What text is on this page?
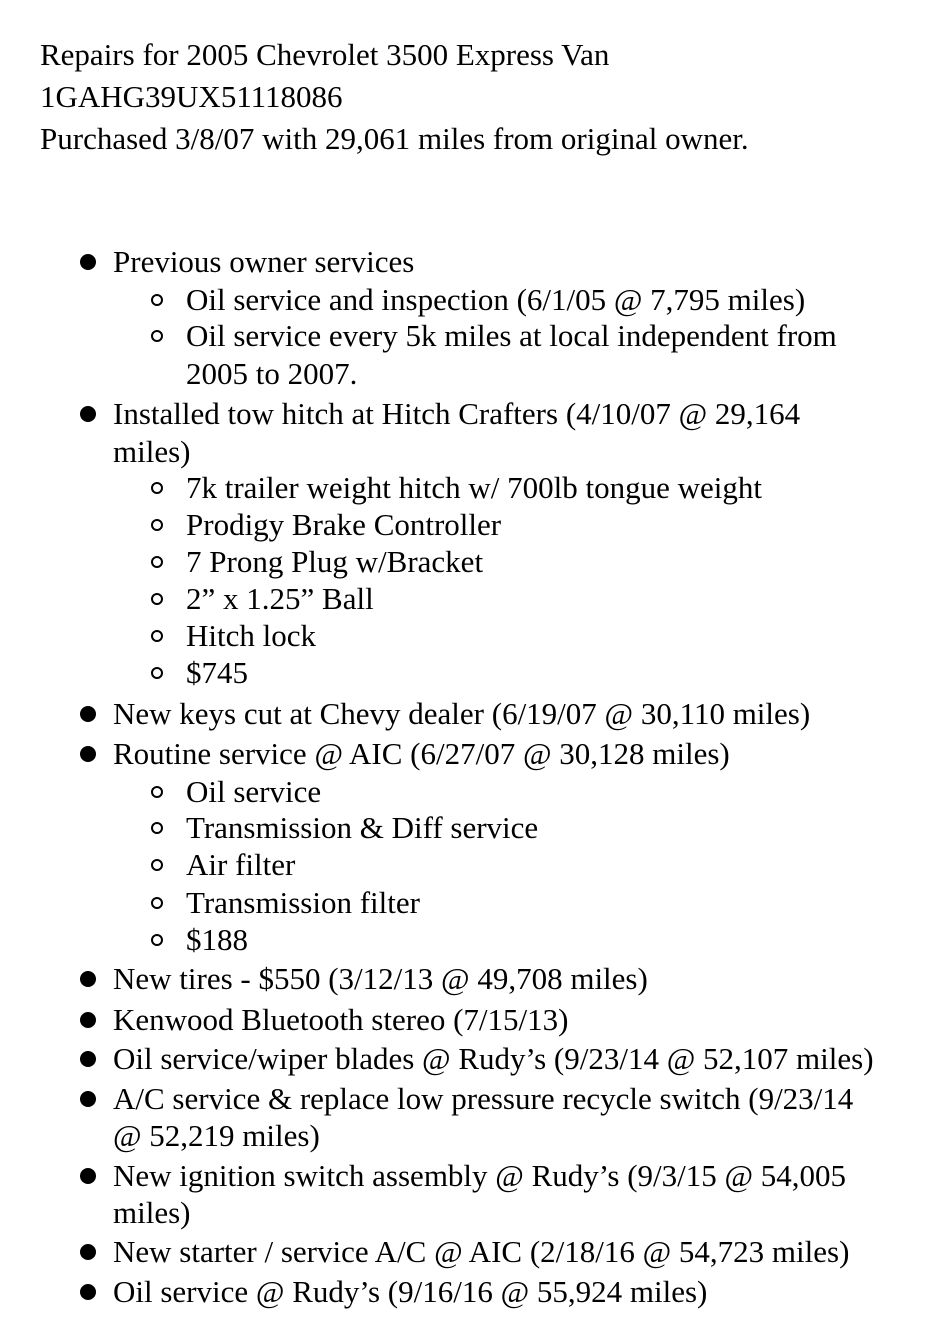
Repairs for 2005 Chevrolet 3500 Express Van
1GAHG39UX51118086
Purchased 3/8/07 with 29,061 miles from original owner.
Previous owner services
Oil service and inspection (6/1/05 @ 7,795 miles)
Oil service every 5k miles at local independent from
2005 to 2007.
Installed tow hitch at Hitch Crafters (4/10/07 @ 29,164
miles)
7k trailer weight hitch w/ 700lb tongue weight
Prodigy Brake Controller
7 Prong Plug w/Bracket
2” x 1.25” Ball
Hitch lock
$745
New keys cut at Chevy dealer (6/19/07 @ 30,110 miles)
Routine service @ AIC (6/27/07 @ 30,128 miles)
Oil service
Transmission & Diff service
Air filter
Transmission filter
$188
New tires - $550 (3/12/13 @ 49,708 miles)
Kenwood Bluetooth stereo (7/15/13)
Oil service/wiper blades @ Rudy’s (9/23/14 @ 52,107 miles)
A/C service & replace low pressure recycle switch (9/23/14
@ 52,219 miles)
New ignition switch assembly @ Rudy’s (9/3/15 @ 54,005
miles)
New starter / service A/C @ AIC (2/18/16 @ 54,723 miles)
Oil service @ Rudy’s (9/16/16 @ 55,924 miles)
